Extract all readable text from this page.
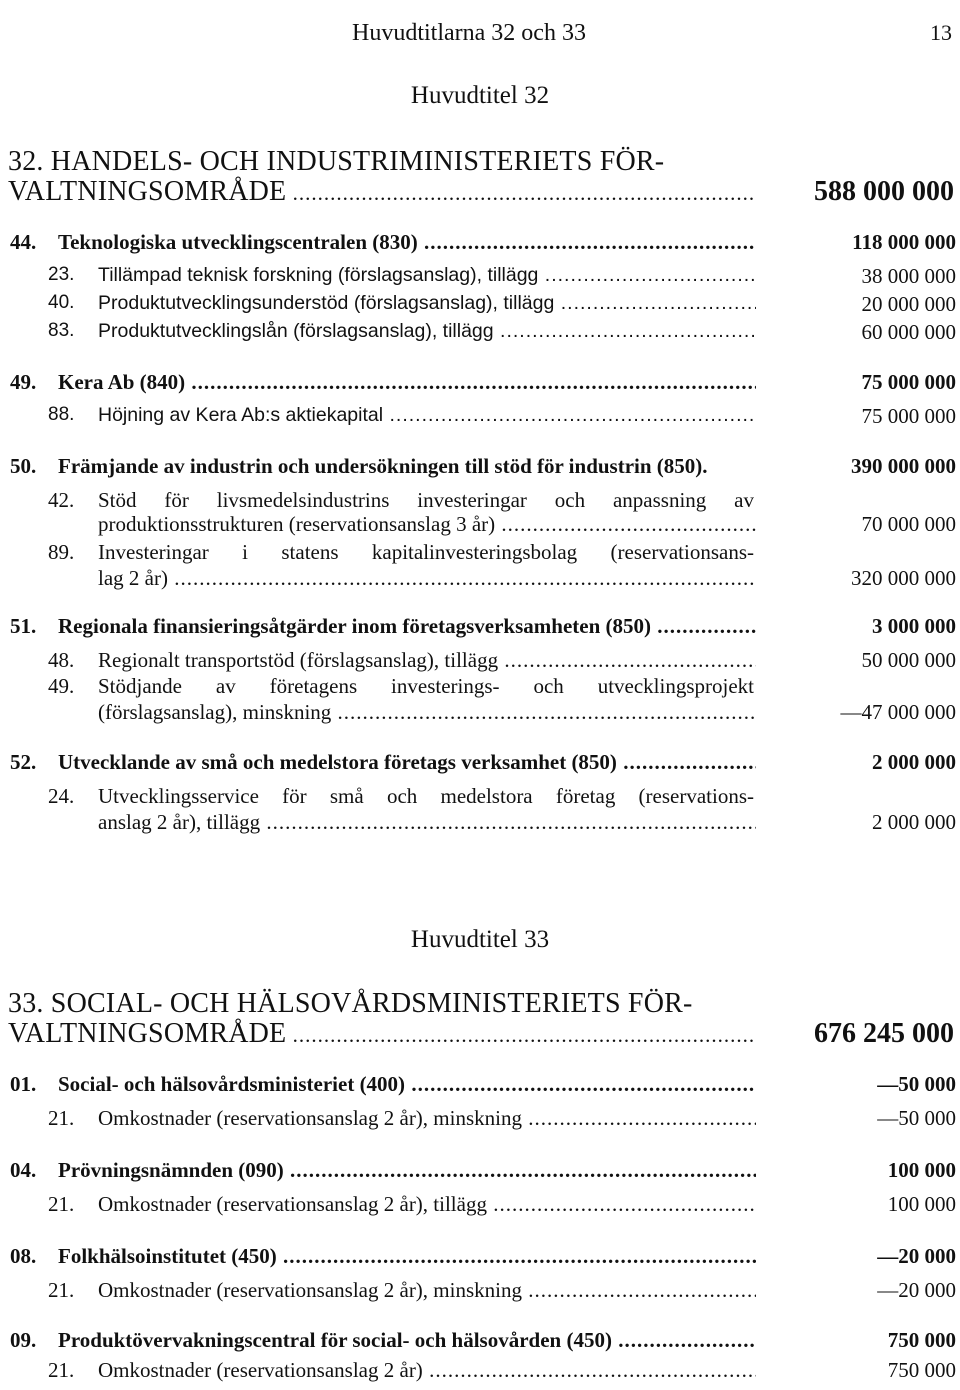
Huvudtitlarna 32 och 33	13
Huvudtitel 32
32. HANDELS- OCH INDUSTRIMINISTERIETS FÖR-
VALTNINGSOMRÅDE .....	588 000 000
44. Teknologiska utvecklingscentralen (830) .....	118 000 000
23. Tillämpad teknisk forskning (förslagsanslag), tillägg .....	38 000 000
40. Produktutvecklingsunderstöd (förslagsanslag), tillägg .....	20 000 000
83. Produktutvecklingslån (förslagsanslag), tillägg .....	60 000 000
49. Kera Ab (840) .....	75 000 000
88. Höjning av Kera Ab:s aktiekapital .....	75 000 000
50. Främjande av industrin och undersökningen till stöd för industrin (850).	390 000 000
42. Stöd för livsmedelsindustrins investeringar och anpassning av
produktionsstrukturen (reservationsanslag 3 år) .....	70 000 000
89. Investeringar i statens kapitalinvesteringsbolag (reservationsans-
lag 2 år) .....	320 000 000
51. Regionala finansieringsåtgärder inom företagsverksamheten (850) .....	3 000 000
48. Regionalt transportstöd (förslagsanslag), tillägg .....	50 000 000
49. Stödjande av företagens investerings- och utvecklingsprojekt
(förslagsanslag), minskning .....	—47 000 000
52. Utvecklande av små och medelstora företags verksamhet (850) .....	2 000 000
24. Utvecklingsservice för små och medelstora företag (reservations-
anslag 2 år), tillägg .....	2 000 000
Huvudtitel 33
33. SOCIAL- OCH HÄLSOVÅRDSMINISTERIETS FÖR-
VALTNINGSOMRÅDE .....	676 245 000
01. Social- och hälsovårdsministeriet (400) .....	—50 000
21. Omkostnader (reservationsanslag 2 år), minskning .....	—50 000
04. Prövningsnämnden (090) .....	100 000
21. Omkostnader (reservationsanslag 2 år), tillägg .....	100 000
08. Folkhälsoinstitutet (450) .....	—20 000
21. Omkostnader (reservationsanslag 2 år), minskning .....	—20 000
09. Produktövervakningscentral för social- och hälsovården (450) .....	750 000
21. Omkostnader (reservationsanslag 2 år) .....	750 000
